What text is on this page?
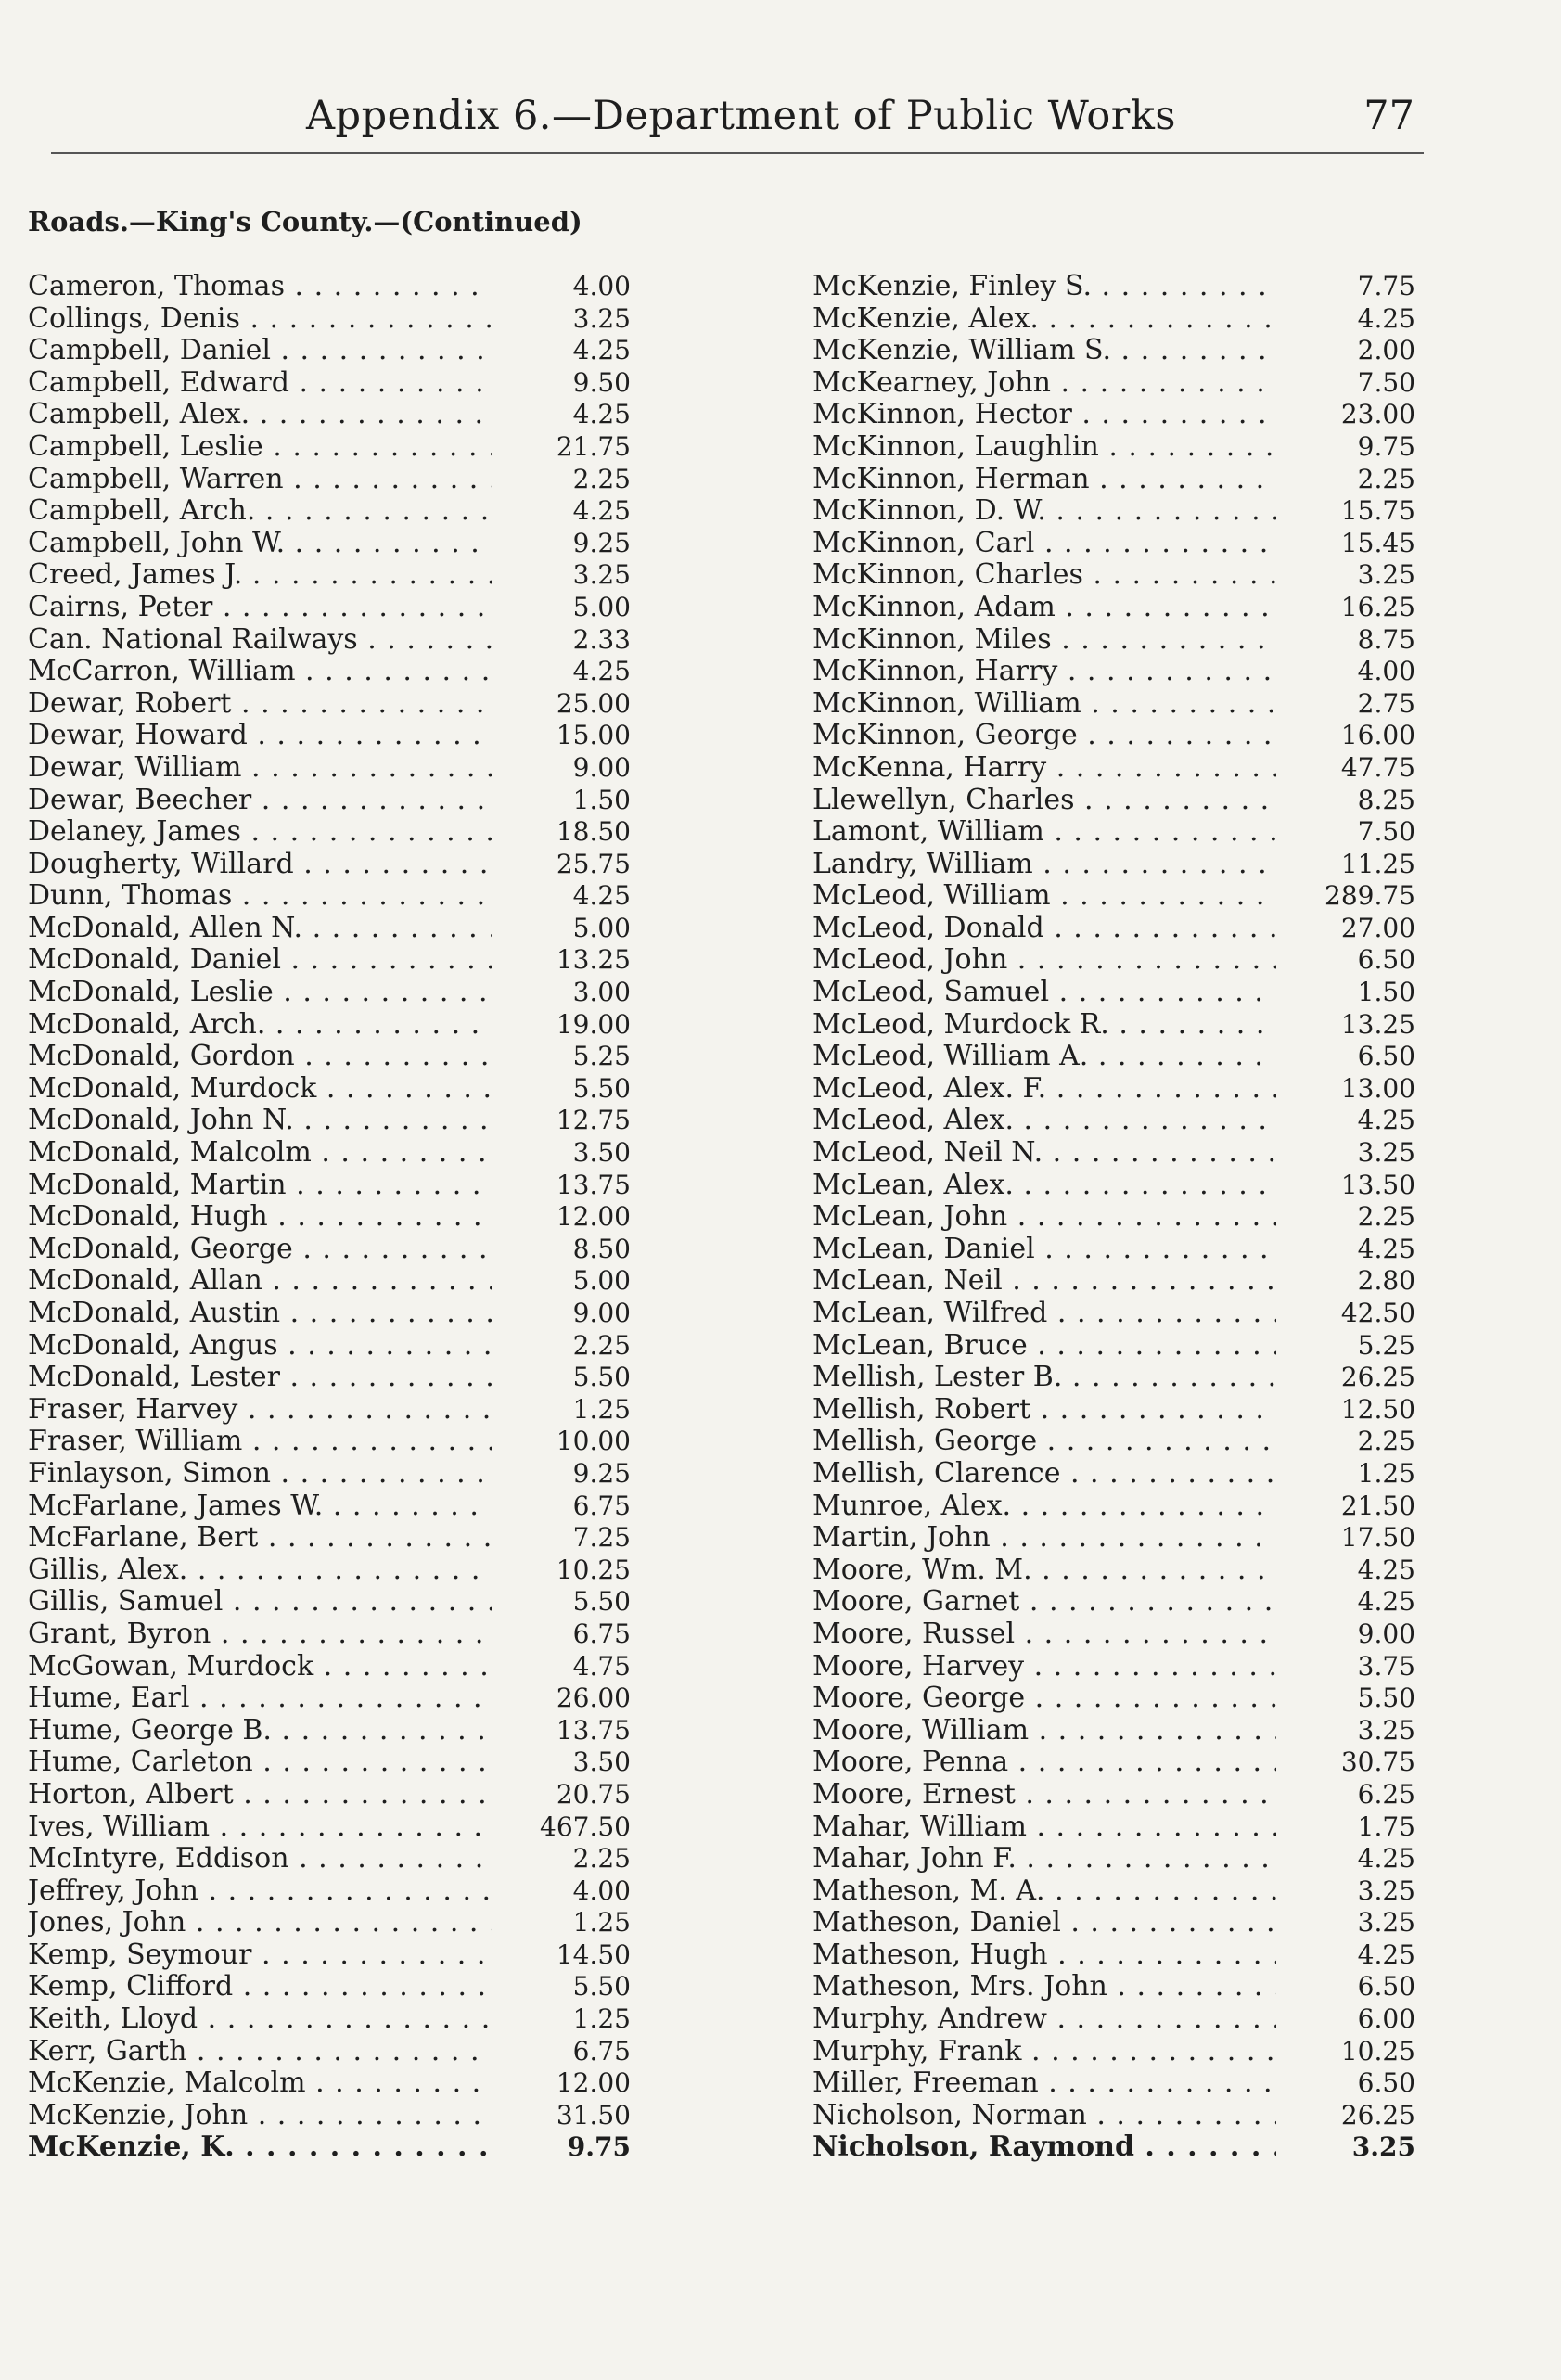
Appendix 6.—Department of Public Works	77
Roads.—King's County.—(Continued)
Cameron, Thomas . . .	4.00
Collings, Denis . . .	3.25
Campbell, Daniel . . .	4.25
Campbell, Edward . . .	9.50
Campbell, Alex. . . .	4.25
Campbell, Leslie . . .	21.75
Campbell, Warren . . .	2.25
Campbell, Arch. . . .	4.25
Campbell, John W. . . .	9.25
Creed, James J. . . .	3.25
Cairns, Peter . . .	5.00
Can. National Railways . . .	2.33
McCarron, William . . .	4.25
Dewar, Robert . . .	25.00
Dewar, Howard . . .	15.00
Dewar, William . . .	9.00
Dewar, Beecher . . .	1.50
Delaney, James . . .	18.50
Dougherty, Willard . . .	25.75
Dunn, Thomas . . .	4.25
McDonald, Allen N. . . .	5.00
McDonald, Daniel . . .	13.25
McDonald, Leslie . . .	3.00
McDonald, Arch. . . .	19.00
McDonald, Gordon . . .	5.25
McDonald, Murdock . . .	5.50
McDonald, John N. . . .	12.75
McDonald, Malcolm . . .	3.50
McDonald, Martin . . .	13.75
McDonald, Hugh . . .	12.00
McDonald, George . . .	8.50
McDonald, Allan . . .	5.00
McDonald, Austin . . .	9.00
McDonald, Angus . . .	2.25
McDonald, Lester . . .	5.50
Fraser, Harvey . . .	1.25
Fraser, William . . .	10.00
Finlayson, Simon . . .	9.25
McFarlane, James W. . . .	6.75
McFarlane, Bert . . .	7.25
Gillis, Alex. . . .	10.25
Gillis, Samuel . . .	5.50
Grant, Byron . . .	6.75
McGowan, Murdock . . .	4.75
Hume, Earl . . .	26.00
Hume, George B. . . .	13.75
Hume, Carleton . . .	3.50
Horton, Albert . . .	20.75
Ives, William . . .	467.50
McIntyre, Eddison . . .	2.25
Jeffrey, John . . .	4.00
Jones, John . . .	1.25
Kemp, Seymour . . .	14.50
Kemp, Clifford . . .	5.50
Keith, Lloyd . . .	1.25
Kerr, Garth . . .	6.75
McKenzie, Malcolm . . .	12.00
McKenzie, John . . .	31.50
McKenzie, K. . . .	9.75
McKenzie, Finley S. . . .	7.75
McKenzie, Alex. . . .	4.25
McKenzie, William S. . . .	2.00
McKearney, John . . .	7.50
McKinnon, Hector . . .	23.00
McKinnon, Laughlin . . .	9.75
McKinnon, Herman . . .	2.25
McKinnon, D. W. . . .	15.75
McKinnon, Carl . . .	15.45
McKinnon, Charles . . .	3.25
McKinnon, Adam . . .	16.25
McKinnon, Miles . . .	8.75
McKinnon, Harry . . .	4.00
McKinnon, William . . .	2.75
McKinnon, George . . .	16.00
McKenna, Harry . . .	47.75
Llewellyn, Charles . . .	8.25
Lamont, William . . .	7.50
Landry, William . . .	11.25
McLeod, William . . .	289.75
McLeod, Donald . . .	27.00
McLeod, John . . .	6.50
McLeod, Samuel . . .	1.50
McLeod, Murdock R. . . .	13.25
McLeod, William A. . . .	6.50
McLeod, Alex. F. . . .	13.00
McLeod, Alex. . . .	4.25
McLeod, Neil N. . . .	3.25
McLean, Alex. . . .	13.50
McLean, John . . .	2.25
McLean, Daniel . . .	4.25
McLean, Neil . . .	2.80
McLean, Wilfred . . .	42.50
McLean, Bruce . . .	5.25
Mellish, Lester B. . . .	26.25
Mellish, Robert . . .	12.50
Mellish, George . . .	2.25
Mellish, Clarence . . .	1.25
Munroe, Alex. . . .	21.50
Martin, John . . .	17.50
Moore, Wm. M. . . .	4.25
Moore, Garnet . . .	4.25
Moore, Russel . . .	9.00
Moore, Harvey . . .	3.75
Moore, George . . .	5.50
Moore, William . . .	3.25
Moore, Penna . . .	30.75
Moore, Ernest . . .	6.25
Mahar, William . . .	1.75
Mahar, John F. . . .	4.25
Matheson, M. A. . . .	3.25
Matheson, Daniel . . .	3.25
Matheson, Hugh . . .	4.25
Matheson, Mrs. John . . .	6.50
Murphy, Andrew . . .	6.00
Murphy, Frank . . .	10.25
Miller, Freeman . . .	6.50
Nicholson, Norman . . .	26.25
Nicholson, Raymond . . .	3.25
